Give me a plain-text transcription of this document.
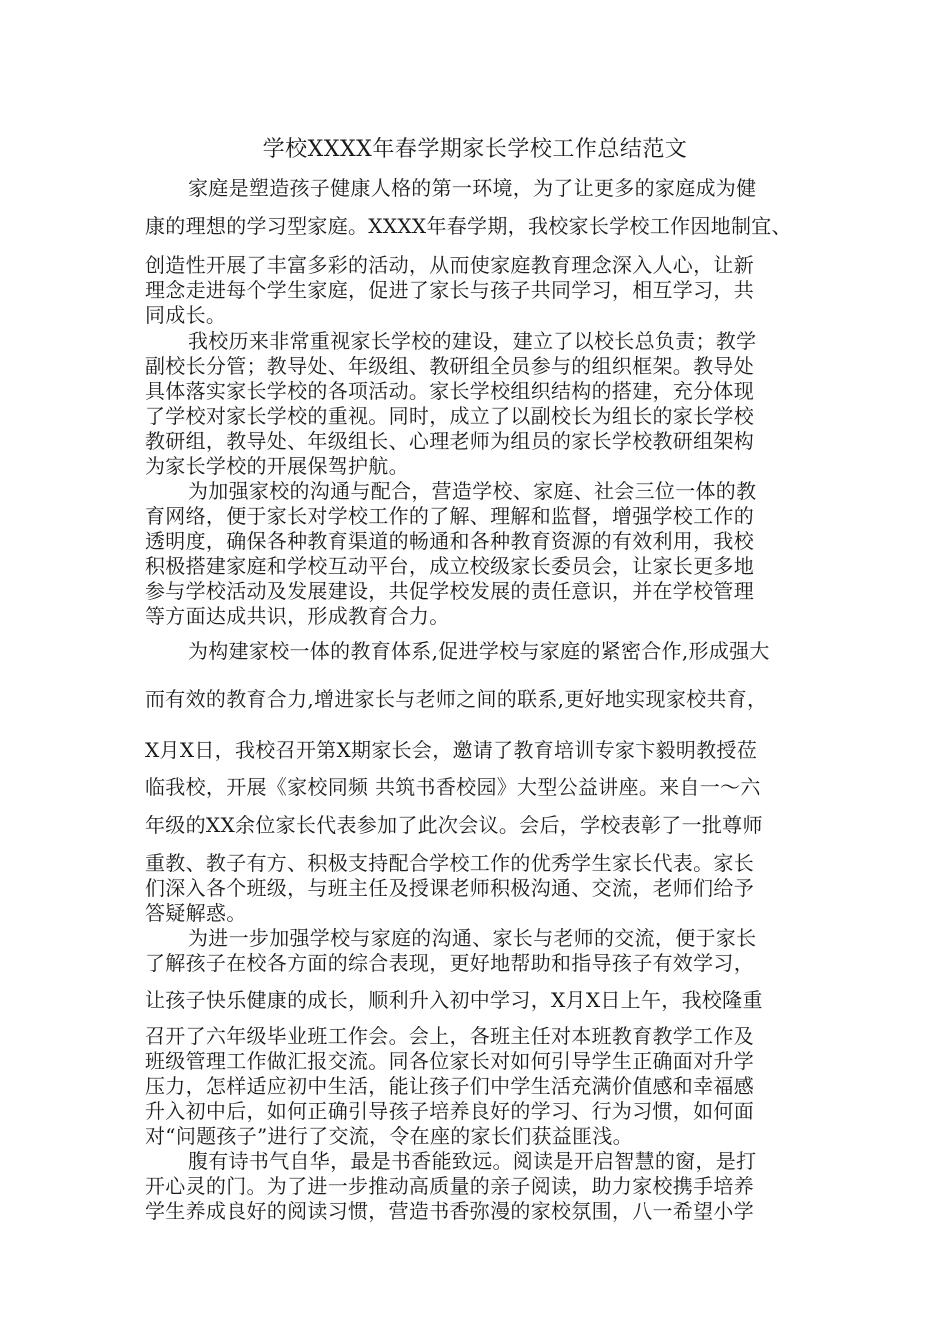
学校XXXX年春学期家长学校工作总结范文
家庭是塑造孩子健康人格的第一环境，为了让更多的家庭成为健
康的理想的学习型家庭。XXXX年春学期，我校家长学校工作因地制宜、
创造性开展了丰富多彩的活动，从而使家庭教育理念深入人心，让新
理念走进每个学生家庭，促进了家长与孩子共同学习，相互学习，共
同成长。
我校历来非常重视家长学校的建设，建立了以校长总负责；教学
副校长分管；教导处、年级组、教研组全员参与的组织框架。教导处
具体落实家长学校的各项活动。家长学校组织结构的搭建，充分体现
了学校对家长学校的重视。同时，成立了以副校长为组长的家长学校
教研组，教导处、年级组长、心理老师为组员的家长学校教研组架构
为家长学校的开展保驾护航。
为加强家校的沟通与配合，营造学校、家庭、社会三位一体的教
育网络，便于家长对学校工作的了解、理解和监督，增强学校工作的
透明度，确保各种教育渠道的畅通和各种教育资源的有效利用，我校
积极搭建家庭和学校互动平台，成立校级家长委员会，让家长更多地
参与学校活动及发展建设，共促学校发展的责任意识，并在学校管理
等方面达成共识，形成教育合力。
为构建家校一体的教育体系,促进学校与家庭的紧密合作,形成强大
而有效的教育合力,增进家长与老师之间的联系,更好地实现家校共育，
X月X日，我校召开第X期家长会，邀请了教育培训专家卞毅明教授莅
临我校，开展《家校同频 共筑书香校园》大型公益讲座。来自一～六
年级的XX余位家长代表参加了此次会议。会后，学校表彰了一批尊师
重教、教子有方、积极支持配合学校工作的优秀学生家长代表。家长
们深入各个班级，与班主任及授课老师积极沟通、交流，老师们给予
答疑解惑。
为进一步加强学校与家庭的沟通、家长与老师的交流，便于家长
了解孩子在校各方面的综合表现，更好地帮助和指导孩子有效学习，
让孩子快乐健康的成长，顺利升入初中学习，X月X日上午，我校隆重
召开了六年级毕业班工作会。会上，各班主任对本班教育教学工作及
班级管理工作做汇报交流。同各位家长对如何引导学生正确面对升学
压力，怎样适应初中生活，能让孩子们中学生活充满价值感和幸福感
升入初中后，如何正确引导孩子培养良好的学习、行为习惯，如何面
对“问题孩子”进行了交流，令在座的家长们获益匪浅。
腹有诗书气自华，最是书香能致远。阅读是开启智慧的窗，是打
开心灵的门。为了进一步推动高质量的亲子阅读，助力家校携手培养
学生养成良好的阅读习惯，营造书香弥漫的家校氛围，八一希望小学
